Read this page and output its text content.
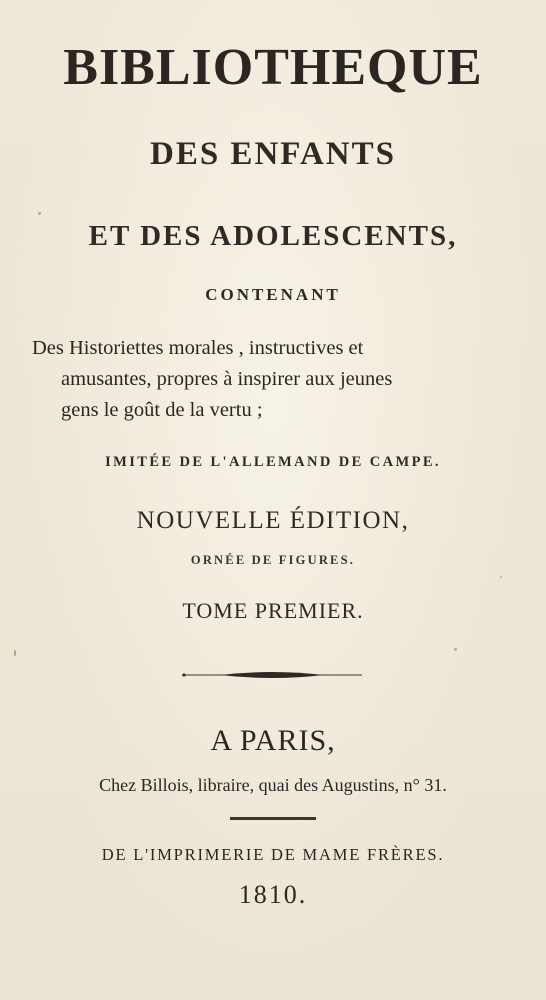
BIBLIOTHEQUE
DES ENFANTS
ET DES ADOLESCENTS,
CONTENANT
Des Historiettes morales , instructives et
amusantes, propres à inspirer aux jeunes
gens le goût de la vertu ;
IMITÉE DE L'ALLEMAND DE CAMPE.
NOUVELLE ÉDITION,
ORNÉE DE FIGURES.
TOME PREMIER.
A PARIS,
Chez Billois, libraire, quai des Augustins, n° 31.
DE L'IMPRIMERIE DE MAME FRÈRES.
1810.
